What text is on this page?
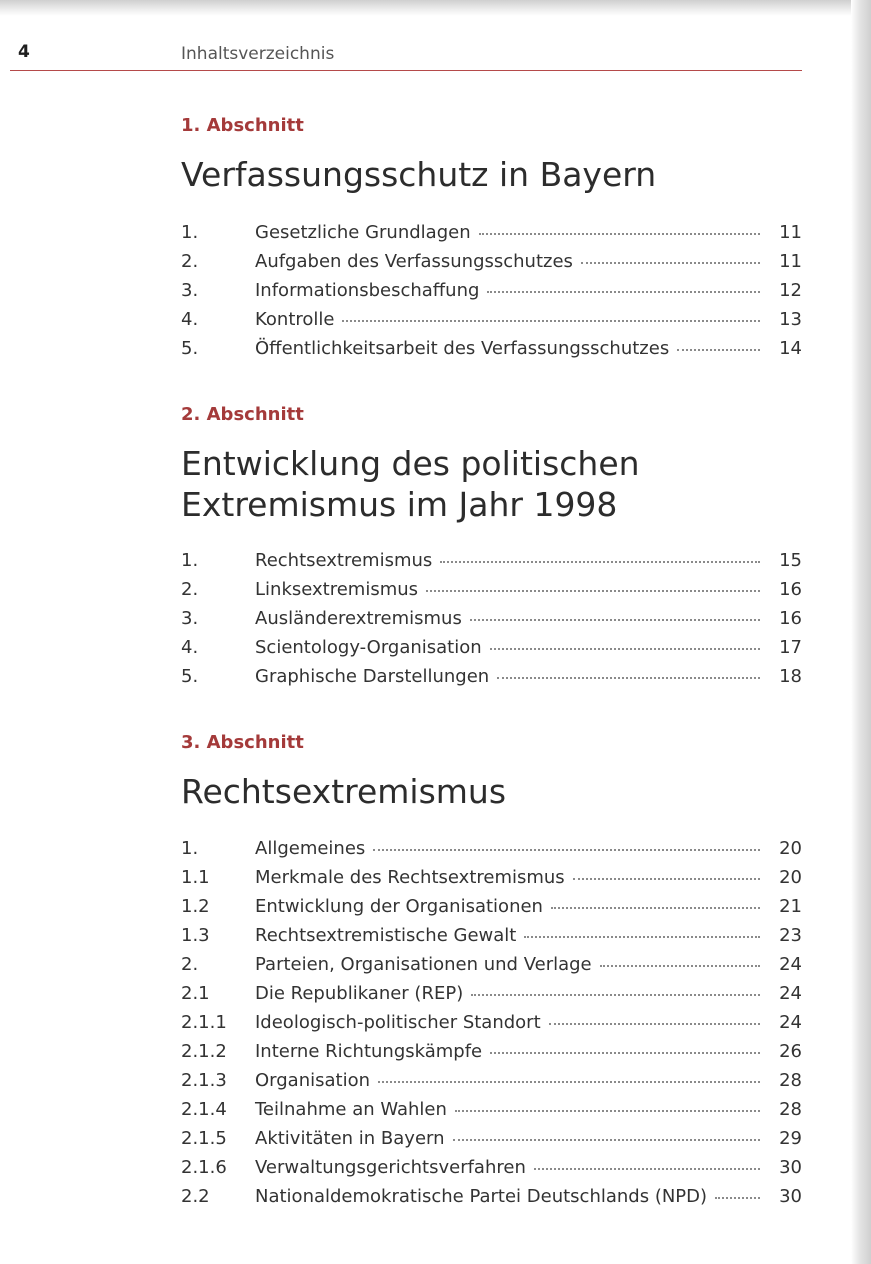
4	Inhaltsverzeichnis
1. Abschnitt
Verfassungsschutz in Bayern
1.	Gesetzliche Grundlagen	11
2.	Aufgaben des Verfassungsschutzes	11
3.	Informationsbeschaffung	12
4.	Kontrolle	13
5.	Öffentlichkeitsarbeit des Verfassungsschutzes	14
2. Abschnitt
Entwicklung des politischen
Extremismus im Jahr 1998
1.	Rechtsextremismus	15
2.	Linksextremismus	16
3.	Ausländerextremismus	16
4.	Scientology-Organisation	17
5.	Graphische Darstellungen	18
3. Abschnitt
Rechtsextremismus
1.	Allgemeines	20
1.1	Merkmale des Rechtsextremismus	20
1.2	Entwicklung der Organisationen	21
1.3	Rechtsextremistische Gewalt	23
2.	Parteien, Organisationen und Verlage	24
2.1	Die Republikaner (REP)	24
2.1.1	Ideologisch-politischer Standort	24
2.1.2	Interne Richtungskämpfe	26
2.1.3	Organisation	28
2.1.4	Teilnahme an Wahlen	28
2.1.5	Aktivitäten in Bayern	29
2.1.6	Verwaltungsgerichtsverfahren	30
2.2	Nationaldemokratische Partei Deutschlands (NPD)	30
